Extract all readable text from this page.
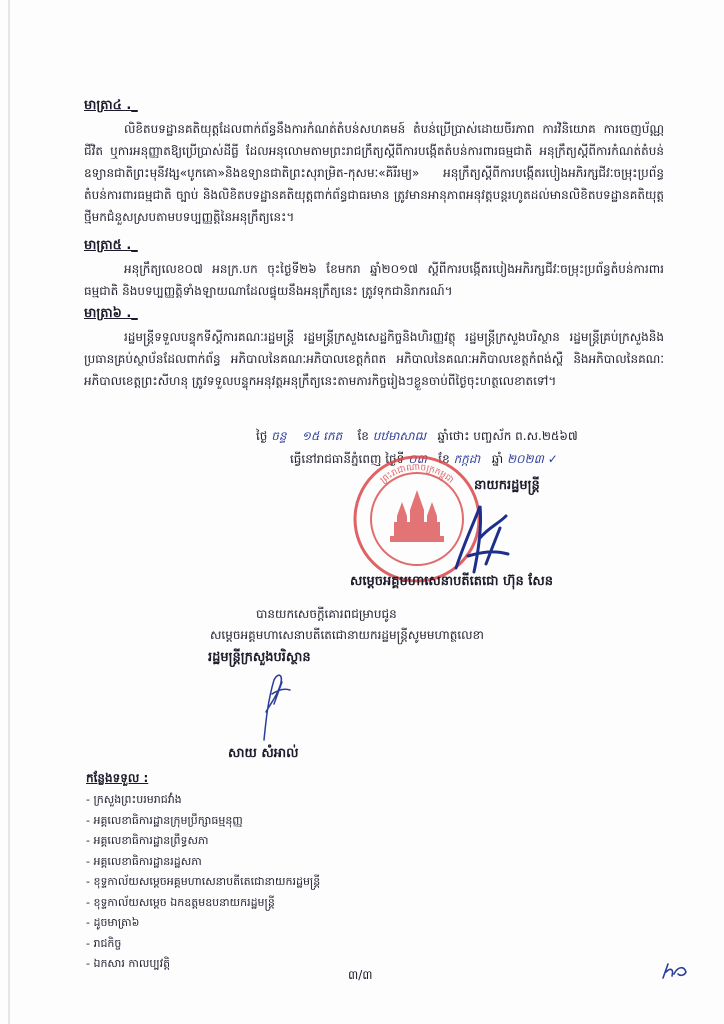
មាត្រា៤ ._

លិខិតបទដ្ឋានគតិយុត្តដែលពាក់ព័ន្ធនឹងការកំណត់តំបន់សហគមន៍ តំបន់ប្រើប្រាស់ដោយចីរភាព ការវិនិយោគ ការចេញប័ណ្ណជីវិត ឬការអនុញ្ញាតឱ្យប្រើប្រាស់ដីធ្លី ដែលអនុលោមតាមព្រះរាជក្រឹត្យស្តីពីការបង្កើតតំបន់ការពារធម្មជាតិ អនុក្រឹត្យស្តីពីការកំណត់តំបន់ឧទ្យានជាតិព្រះមុនីវង្ស«បូកគោ»និងឧទ្យានជាតិព្រះសុរាម្រិត-កុសមៈ«គិរីរម្យ» អនុក្រឹត្យស្តីពីការបង្កើតរបៀងអភិរក្សជីវៈចម្រុះប្រព័ន្ធតំបន់ការពារធម្មជាតិ ច្បាប់ និងលិខិតបទដ្ឋានគតិយុត្តពាក់ព័ន្ធជាធរមាន ត្រូវមានអានុភាពអនុវត្តបន្តរហូតដល់មានលិខិតបទដ្ឋានគតិយុត្តថ្មីមកជំនួសស្របតាមបទប្បញ្ញត្តិនៃអនុក្រឹត្យនេះ។

មាត្រា៥ ._

អនុក្រឹត្យលេខ០៧ អនក្រ.បក ចុះថ្ងៃទី២៦ ខែមករា ឆ្នាំ២០១៧ ស្តីពីការបង្កើតរបៀងអភិរក្សជីវៈចម្រុះប្រព័ន្ធតំបន់ការពារធម្មជាតិ និងបទប្បញ្ញត្តិទាំងឡាយណាដែលផ្ទុយនឹងអនុក្រឹត្យនេះ ត្រូវទុកជានិរាករណ៍។

មាត្រា៦ ._

រដ្ឋមន្ត្រីទទួលបន្ទុកទីស្តីការគណៈរដ្ឋមន្ត្រី រដ្ឋមន្ត្រីក្រសួងសេដ្ឋកិច្ចនិងហិរញ្ញវត្ថុ រដ្ឋមន្ត្រីក្រសួងបរិស្ថាន រដ្ឋមន្ត្រីគ្រប់ក្រសួងនិងប្រធានគ្រប់ស្ថាប័នដែលពាក់ព័ន្ធ អភិបាលនៃគណៈអភិបាលខេត្តកំពត អភិបាលនៃគណៈអភិបាលខេត្តកំពង់ស្ពឺ និងអភិបាលនៃគណៈអភិបាលខេត្តព្រះសីហនុ ត្រូវទទួលបន្ទុកអនុវត្តអនុក្រឹត្យនេះតាមភារកិច្ចរៀងៗខ្លួនចាប់ពីថ្ងៃចុះហត្ថលេខាតទៅ។

ថ្ងៃ ចន្ទ ១៥ កេត ខែ បឋមាសាឍ ឆ្នាំថោះ បញ្ចស័ក ព.ស.២៥៦៧
ធ្វើនៅរាជធានីភ្នំពេញ ថ្ងៃទី ០៣ ខែ កក្កដា ឆ្នាំ ២០២៣ ✓
នាយករដ្ឋមន្ត្រី
ព្រះរាជាណាចក្រកម្ពុជា
សម្តេចអគ្គមហាសេនាបតីតេជោ ហ៊ុន សែន
បានយកសេចក្តីគោរពជម្រាបជូន
សម្តេចអគ្គមហាសេនាបតីតេជោនាយករដ្ឋមន្ត្រីសូមមហាត្ថលេខា
រដ្ឋមន្ត្រីក្រសួងបរិស្ថាន
សាយ សំអាល់
កន្លែងទទួល :
- ក្រសួងព្រះបរមរាជវាំង
- អគ្គលេខាធិការដ្ឋានក្រុមប្រឹក្សាធម្មនុញ្ញ
- អគ្គលេខាធិការដ្ឋានព្រឹទ្ធសភា
- អគ្គលេខាធិការដ្ឋានរដ្ឋសភា
- ខុទ្ទកាល័យសម្តេចអគ្គមហាសេនាបតីតេជោនាយករដ្ឋមន្ត្រី
- ខុទ្ទកាល័យសម្តេច ឯកឧត្តមឧបនាយករដ្ឋមន្ត្រី
- ដូចមាត្រា៦
- រាជកិច្ច
- ឯកសារ កាលប្បវត្តិ
៣/៣
